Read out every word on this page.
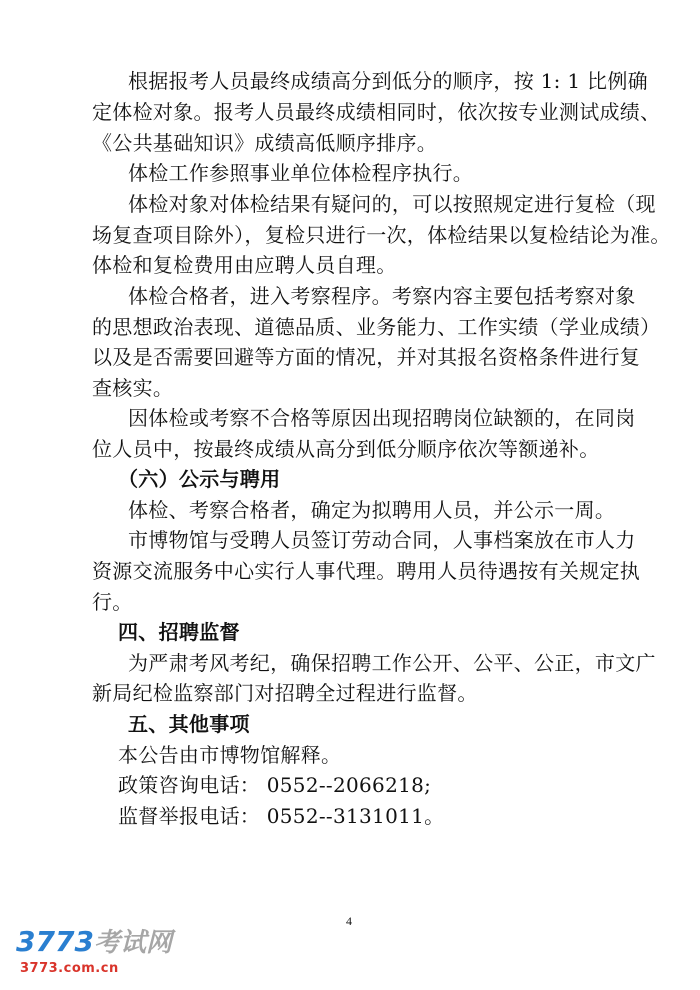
根据报考人员最终成绩高分到低分的顺序，按 1: 1 比例确
定体检对象。报考人员最终成绩相同时，依次按专业测试成绩、
《公共基础知识》成绩高低顺序排序。
体检工作参照事业单位体检程序执行。
体检对象对体检结果有疑问的，可以按照规定进行复检（现
场复查项目除外），复检只进行一次，体检结果以复检结论为准。
体检和复检费用由应聘人员自理。
体检合格者，进入考察程序。考察内容主要包括考察对象
的思想政治表现、道德品质、业务能力、工作实绩（学业成绩）
以及是否需要回避等方面的情况，并对其报名资格条件进行复
查核实。
因体检或考察不合格等原因出现招聘岗位缺额的，在同岗
位人员中，按最终成绩从高分到低分顺序依次等额递补。
（六）公示与聘用
体检、考察合格者，确定为拟聘用人员，并公示一周。
市博物馆与受聘人员签订劳动合同，人事档案放在市人力
资源交流服务中心实行人事代理。聘用人员待遇按有关规定执
行。
四、招聘监督
为严肃考风考纪，确保招聘工作公开、公平、公正，市文广
新局纪检监察部门对招聘全过程进行监督。
五、其他事项
本公告由市博物馆解释。
政策咨询电话： 0552--2066218;
监督举报电话： 0552--3131011。
4
3773考试网
3773.com.cn
